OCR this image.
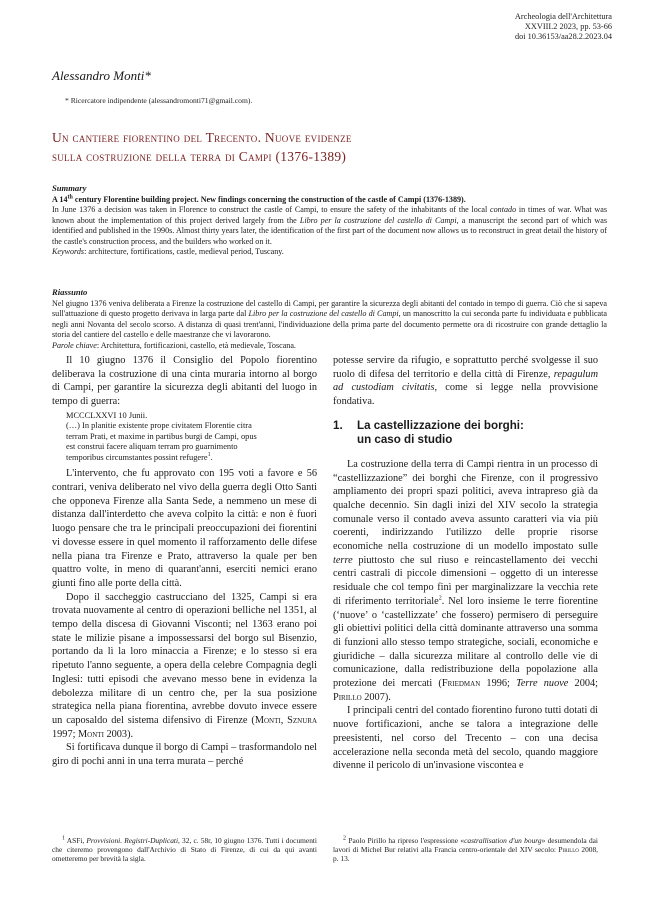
Archeologia dell'Architettura
XXVIII.2 2023, pp. 53-66
doi 10.36153/aa28.2.2023.04
Alessandro Monti*
* Ricercatore indipendente (alessandromonti71@gmail.com).
Un cantiere fiorentino del Trecento. Nuove evidenze
sulla costruzione della terra di Campi (1376-1389)
Summary

A 14th century Florentine building project. New findings concerning the construction of the castle of Campi (1376-1389).

In June 1376 a decision was taken in Florence to construct the castle of Campi, to ensure the safety of the inhabitants of the local contado in times of war. What was known about the implementation of this project derived largely from the Libro per la costruzione del castello di Campi, a manuscript the second part of which was identified and published in the 1990s. Almost thirty years later, the identification of the first part of the document now allows us to reconstruct in great detail the history of the castle's construction process, and the builders who worked on it.

Keywords: architecture, fortifications, castle, medieval period, Tuscany.

Riassunto

Nel giugno 1376 veniva deliberata a Firenze la costruzione del castello di Campi, per garantire la sicurezza degli abitanti del contado in tempo di guerra. Ciò che si sapeva sull'attuazione di questo progetto derivava in larga parte dal Libro per la costruzione del castello di Campi, un manoscritto la cui seconda parte fu individuata e pubblicata negli anni Novanta del secolo scorso. A distanza di quasi trent'anni, l'individuazione della prima parte del documento permette ora di ricostruire con grande dettaglio la storia del cantiere del castello e delle maestranze che vi lavorarono.

Parole chiave: Architettura, fortificazioni, castello, età medievale, Toscana.

Il 10 giugno 1376 il Consiglio del Popolo fiorentino deliberava la costruzione di una cinta muraria intorno al borgo di Campi, per garantire la sicurezza degli abitanti del luogo in tempo di guerra:

MCCCLXXVI 10 Junii.
(…) In planitie existente prope civitatem Florentie citra
terram Prati, et maxime in partibus burgi de Campi, opus
est construi facere aliquam terram pro guarnimento
temporibus circumstantes possint refugere$^1$.

L'intervento, che fu approvato con 195 voti a favore e 56 contrari, veniva deliberato nel vivo della guerra degli Otto Santi che opponeva Firenze alla Santa Sede, a nemmeno un mese di distanza dall'interdetto che aveva colpito la città: e non è fuori luogo pensare che tra le principali preoccupazioni dei fiorentini vi dovesse essere in quel momento il rafforzamento delle difese nella piana tra Firenze e Prato, attraverso la quale per ben quattro volte, in meno di quarant'anni, eserciti nemici erano giunti fino alle porte della città.

Dopo il saccheggio castrucciano del 1325, Campi si era trovata nuovamente al centro di operazioni belliche nel 1351, al tempo della discesa di Giovanni Visconti; nel 1363 erano poi state le milizie pisane a impossessarsi del borgo sul Bisenzio, portando da lì la loro minaccia a Firenze; e lo stesso si era ripetuto l'anno seguente, a opera della celebre Compagnia degli Inglesi: tutti episodi che avevano messo bene in evidenza la debolezza militare di un centro che, per la sua posizione strategica nella piana fiorentina, avrebbe dovuto invece essere un caposaldo del sistema difensivo di Firenze (Monti, Sznura 1997; Monti 2003).

Si fortificava dunque il borgo di Campi – trasformandolo nel giro di pochi anni in una terra murata – perché

potesse servire da rifugio, e soprattutto perché svolgesse il suo ruolo di difesa del territorio e della città di Firenze, repagulum ad custodiam civitatis, come si legge nella provvisione fondativa.

1.	La castellizzazione dei borghi:
un caso di studio

La costruzione della terra di Campi rientra in un processo di “castellizzazione” dei borghi che Firenze, con il progressivo ampliamento dei propri spazi politici, aveva intrapreso già da qualche decennio. Sin dagli inizi del XIV secolo la strategia comunale verso il contado aveva assunto caratteri via via più coerenti, indirizzando l'utilizzo delle proprie risorse economiche nella costruzione di un modello impostato sulle terre piuttosto che sul riuso e reincastellamento dei vecchi centri castrali di piccole dimensioni – oggetto di un interesse residuale che col tempo finì per marginalizzare la vecchia rete di riferimento territoriale$^2$. Nel loro insieme le terre fiorentine (‘nuove’ o ‘castellizzate’ che fossero) permisero di perseguire gli obiettivi politici della città dominante attraverso una somma di funzioni allo stesso tempo strategiche, sociali, economiche e giuridiche – dalla sicurezza militare al controllo delle vie di comunicazione, dalla redistribuzione della popolazione alla protezione dei mercati (Friedman 1996; Terre nuove 2004; Pirillo 2007).

I principali centri del contado fiorentino furono tutti dotati di nuove fortificazioni, anche se talora a integrazione delle preesistenti, nel corso del Trecento – con una decisa accelerazione nella seconda metà del secolo, quando maggiore divenne il pericolo di un'invasione viscontea e

$^1$ ASFi, Provvisioni. Registri-Duplicati, 32, c. 58r, 10 giugno 1376. Tutti i documenti che citeremo provengono dall'Archivio di Stato di Firenze, di cui da qui avanti ometteremo per brevità la sigla.

$^2$ Paolo Pirillo ha ripreso l'espressione «castrallisation d'un bourg» desumendola dai lavori di Michel Bur relativi alla Francia centro-orientale del XIV secolo: Pirillo 2008, p. 13.
